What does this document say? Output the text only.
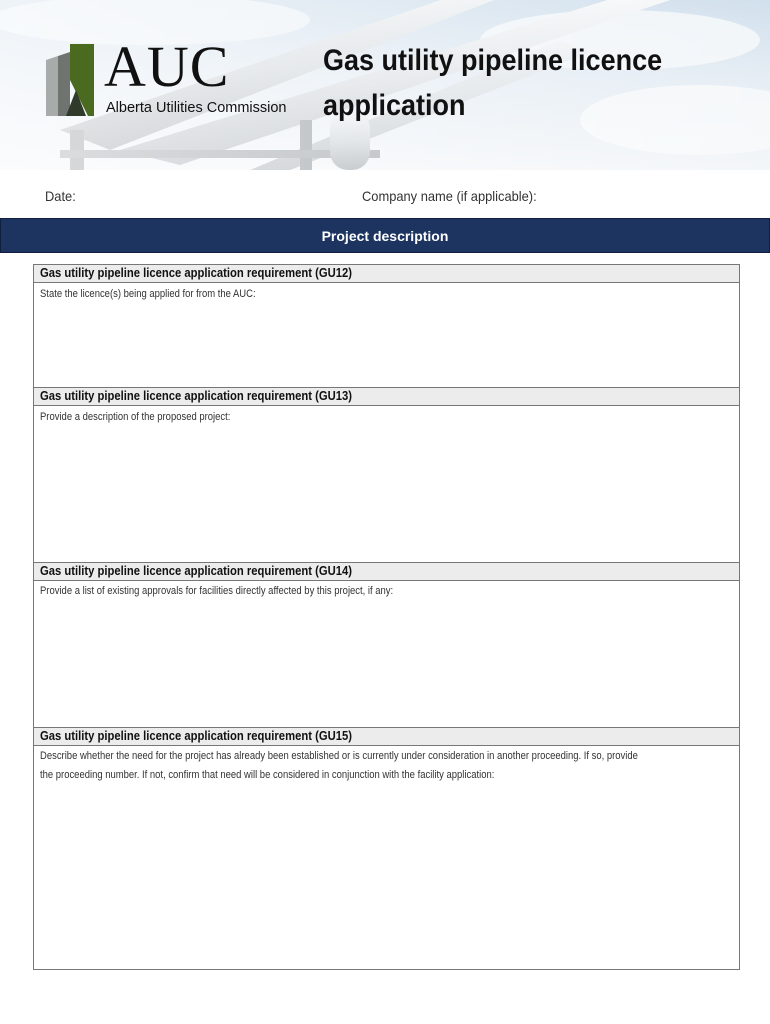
AUC
Alberta Utilities Commission
Gas utility pipeline licence
application
Date:	Company name (if applicable):
Project description
Gas utility pipeline licence application requirement (GU12)
State the licence(s) being applied for from the AUC:
Gas utility pipeline licence application requirement (GU13)
Provide a description of the proposed project:
Gas utility pipeline licence application requirement (GU14)
Provide a list of existing approvals for facilities directly affected by this project, if any:
Gas utility pipeline licence application requirement (GU15)
Describe whether the need for the project has already been established or is currently under consideration in another proceeding. If so, provide
the proceeding number. If not, confirm that need will be considered in conjunction with the facility application:
